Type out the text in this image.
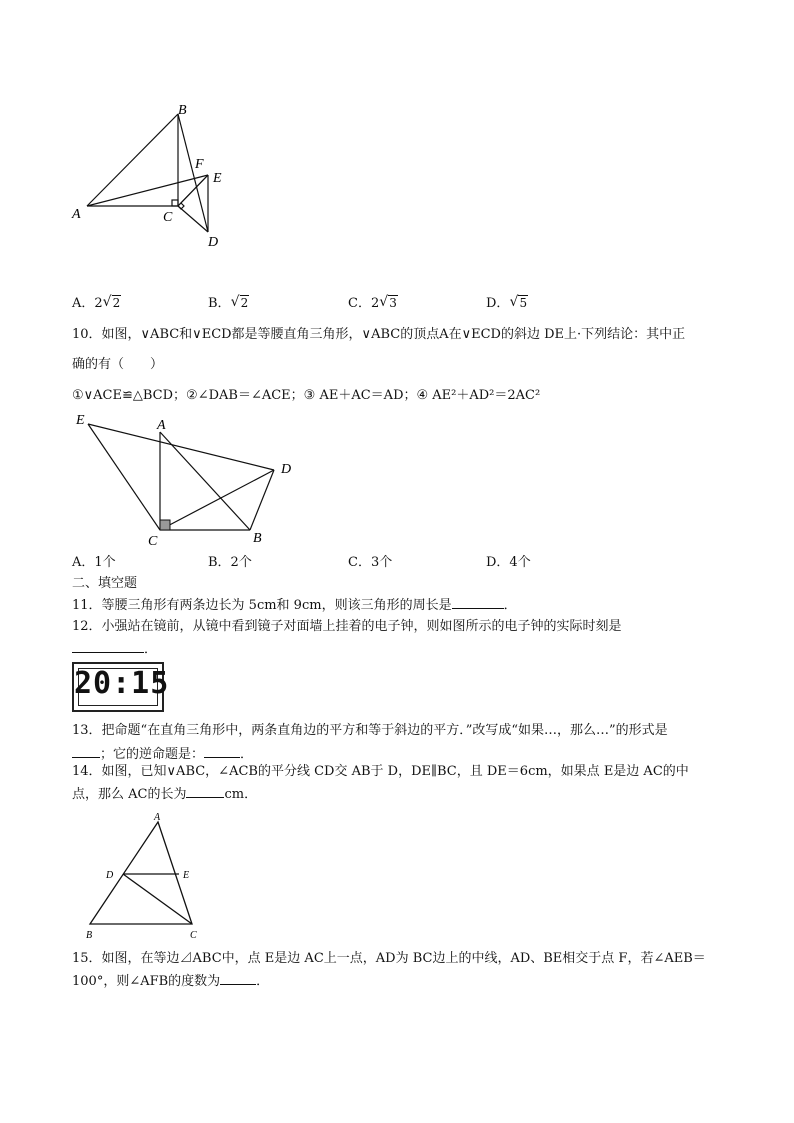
A
B
C
D
E
F
A．2 √ 2	B． √ 2	C．2 √ 3	D． √ 5
10．如图，∨ABC和∨ECD都是等腰直角三角形，∨ABC的顶点A在∨ECD的斜边 DE上·下列结论：其中正
确的有（　　）
①∨ACE≌△BCD；②∠DAB＝∠ACE；③ AE＋AC＝AD；④ AE²＋AD²＝2AC²
E	A
D
C	B
A．1个	B．2个	C．3个	D．4个
二、填空题
11．等腰三角形有两条边长为 5cm和 9cm，则该三角形的周长是	．
12．小强站在镜前，从镜中看到镜子对面墙上挂着的电子钟，则如图所示的电子钟的实际时刻是
．
20:15
13．把命题“在直角三角形中，两条直角边的平方和等于斜边的平方．”改写成“如果…，那么…”的形式是
；它的逆命题是：	．
14．如图，已知∨ABC，∠ACB的平分线 CD交 AB于 D，DE∥BC，且 DE＝6cm，如果点 E是边 AC的中
点，那么 AC的长为	cm．
A
D	E
B	C
15．如图，在等边⊿ABC中，点 E是边 AC上一点，AD为 BC边上的中线，AD、BE相交于点 F，若∠AEB＝
100°，则∠AFB的度数为	．
